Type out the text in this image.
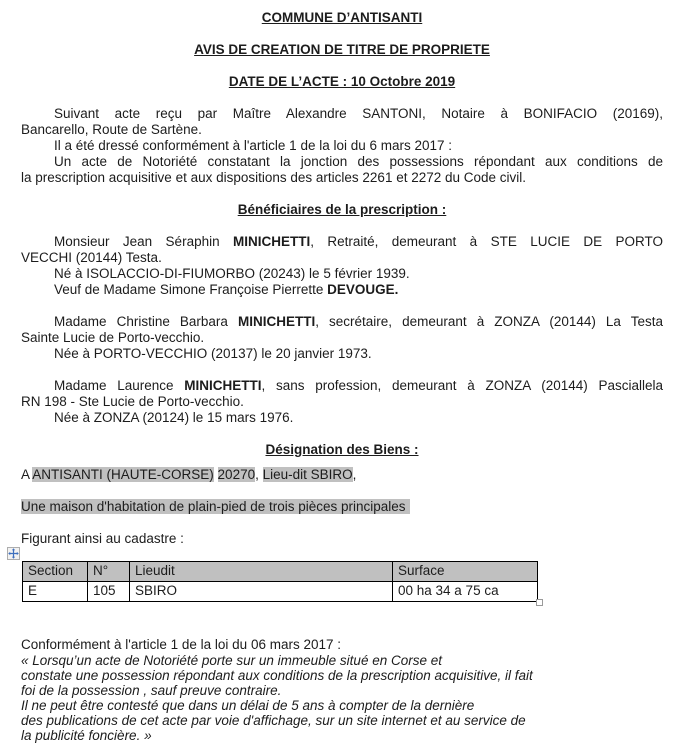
COMMUNE D’ANTISANTI
AVIS DE CREATION DE TITRE DE PROPRIETE
DATE DE L’ACTE : 10 Octobre 2019
Suivant acte reçu par Maître Alexandre SANTONI, Notaire à BONIFACIO (20169),
Bancarello, Route de Sartène.
Il a été dressé conformément à l'article 1 de la loi du 6 mars 2017 :
Un acte de Notoriété constatant la jonction des possessions répondant aux conditions de
la prescription acquisitive et aux dispositions des articles 2261 et 2272 du Code civil.
Bénéficiaires de la prescription :
Monsieur Jean Séraphin MINICHETTI, Retraité, demeurant à STE LUCIE DE PORTO
VECCHI (20144) Testa.
Né à ISOLACCIO-DI-FIUMORBO (20243) le 5 février 1939.
Veuf de Madame Simone Françoise Pierrette DEVOUGE.
Madame Christine Barbara MINICHETTI, secrétaire, demeurant à ZONZA (20144) La Testa
Sainte Lucie de Porto-vecchio.
Née à PORTO-VECCHIO (20137) le 20 janvier 1973.
Madame Laurence MINICHETTI, sans profession, demeurant à ZONZA (20144) Pasciallela
RN 198 - Ste Lucie de Porto-vecchio.
Née à ZONZA (20124) le 15 mars 1976.
Désignation des Biens :
A ANTISANTI (HAUTE-CORSE) 20270, Lieu-dit SBIRO,
Une maison d'habitation de plain-pied de trois pièces principales
Figurant ainsi au cadastre :
Section	N°	Lieudit	Surface
E	105	SBIRO	00 ha 34 a 75 ca
Conformément à l'article 1 de la loi du 06 mars 2017 :
« Lorsqu’un acte de Notoriété porte sur un immeuble situé en Corse et
constate une possession répondant aux conditions de la prescription acquisitive, il fait
foi de la possession , sauf preuve contraire.
Il ne peut être contesté que dans un délai de 5 ans à compter de la dernière
des publications de cet acte par voie d'affichage, sur un site internet et au service de
la publicité foncière. »
